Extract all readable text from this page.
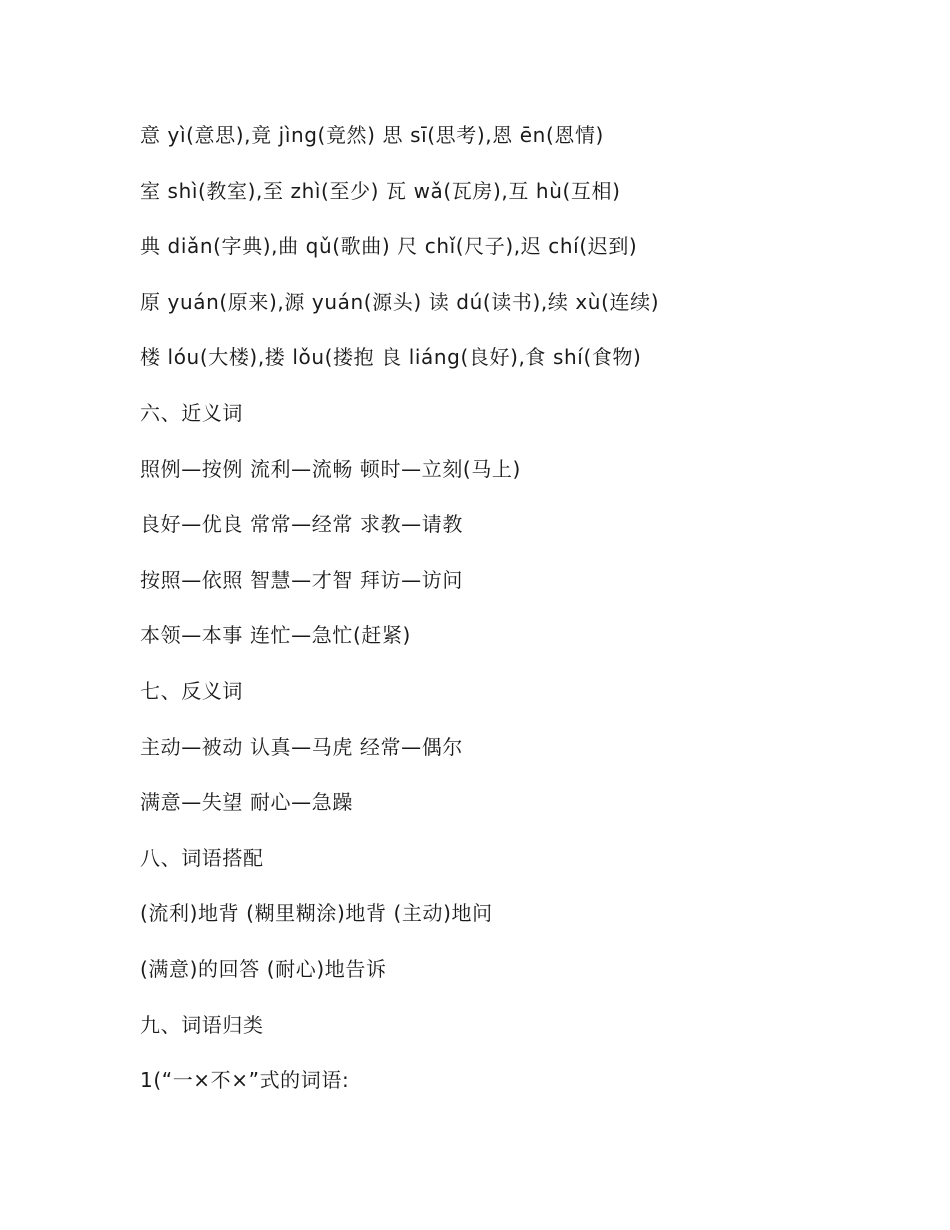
意 yì(意思),竟 jìng(竟然) 思 sī(思考),恩 ēn(恩情)
室 shì(教室),至 zhì(至少) 瓦 wǎ(瓦房),互 hù(互相)
典 diǎn(字典),曲 qǔ(歌曲) 尺 chǐ(尺子),迟 chí(迟到)
原 yuán(原来),源 yuán(源头) 读 dú(读书),续 xù(连续)
楼 lóu(大楼),搂 lǒu(搂抱 良 liáng(良好),食 shí(食物)
六、近义词
照例—按例 流利—流畅 顿时—立刻(马上)
良好—优良 常常—经常 求教—请教
按照—依照 智慧—才智 拜访—访问
本领—本事 连忙—急忙(赶紧)
七、反义词
主动—被动 认真—马虎 经常—偶尔
满意—失望 耐心—急躁
八、词语搭配
(流利)地背 (糊里糊涂)地背 (主动)地问
(满意)的回答 (耐心)地告诉
九、词语归类
1(“一×不×”式的词语:
